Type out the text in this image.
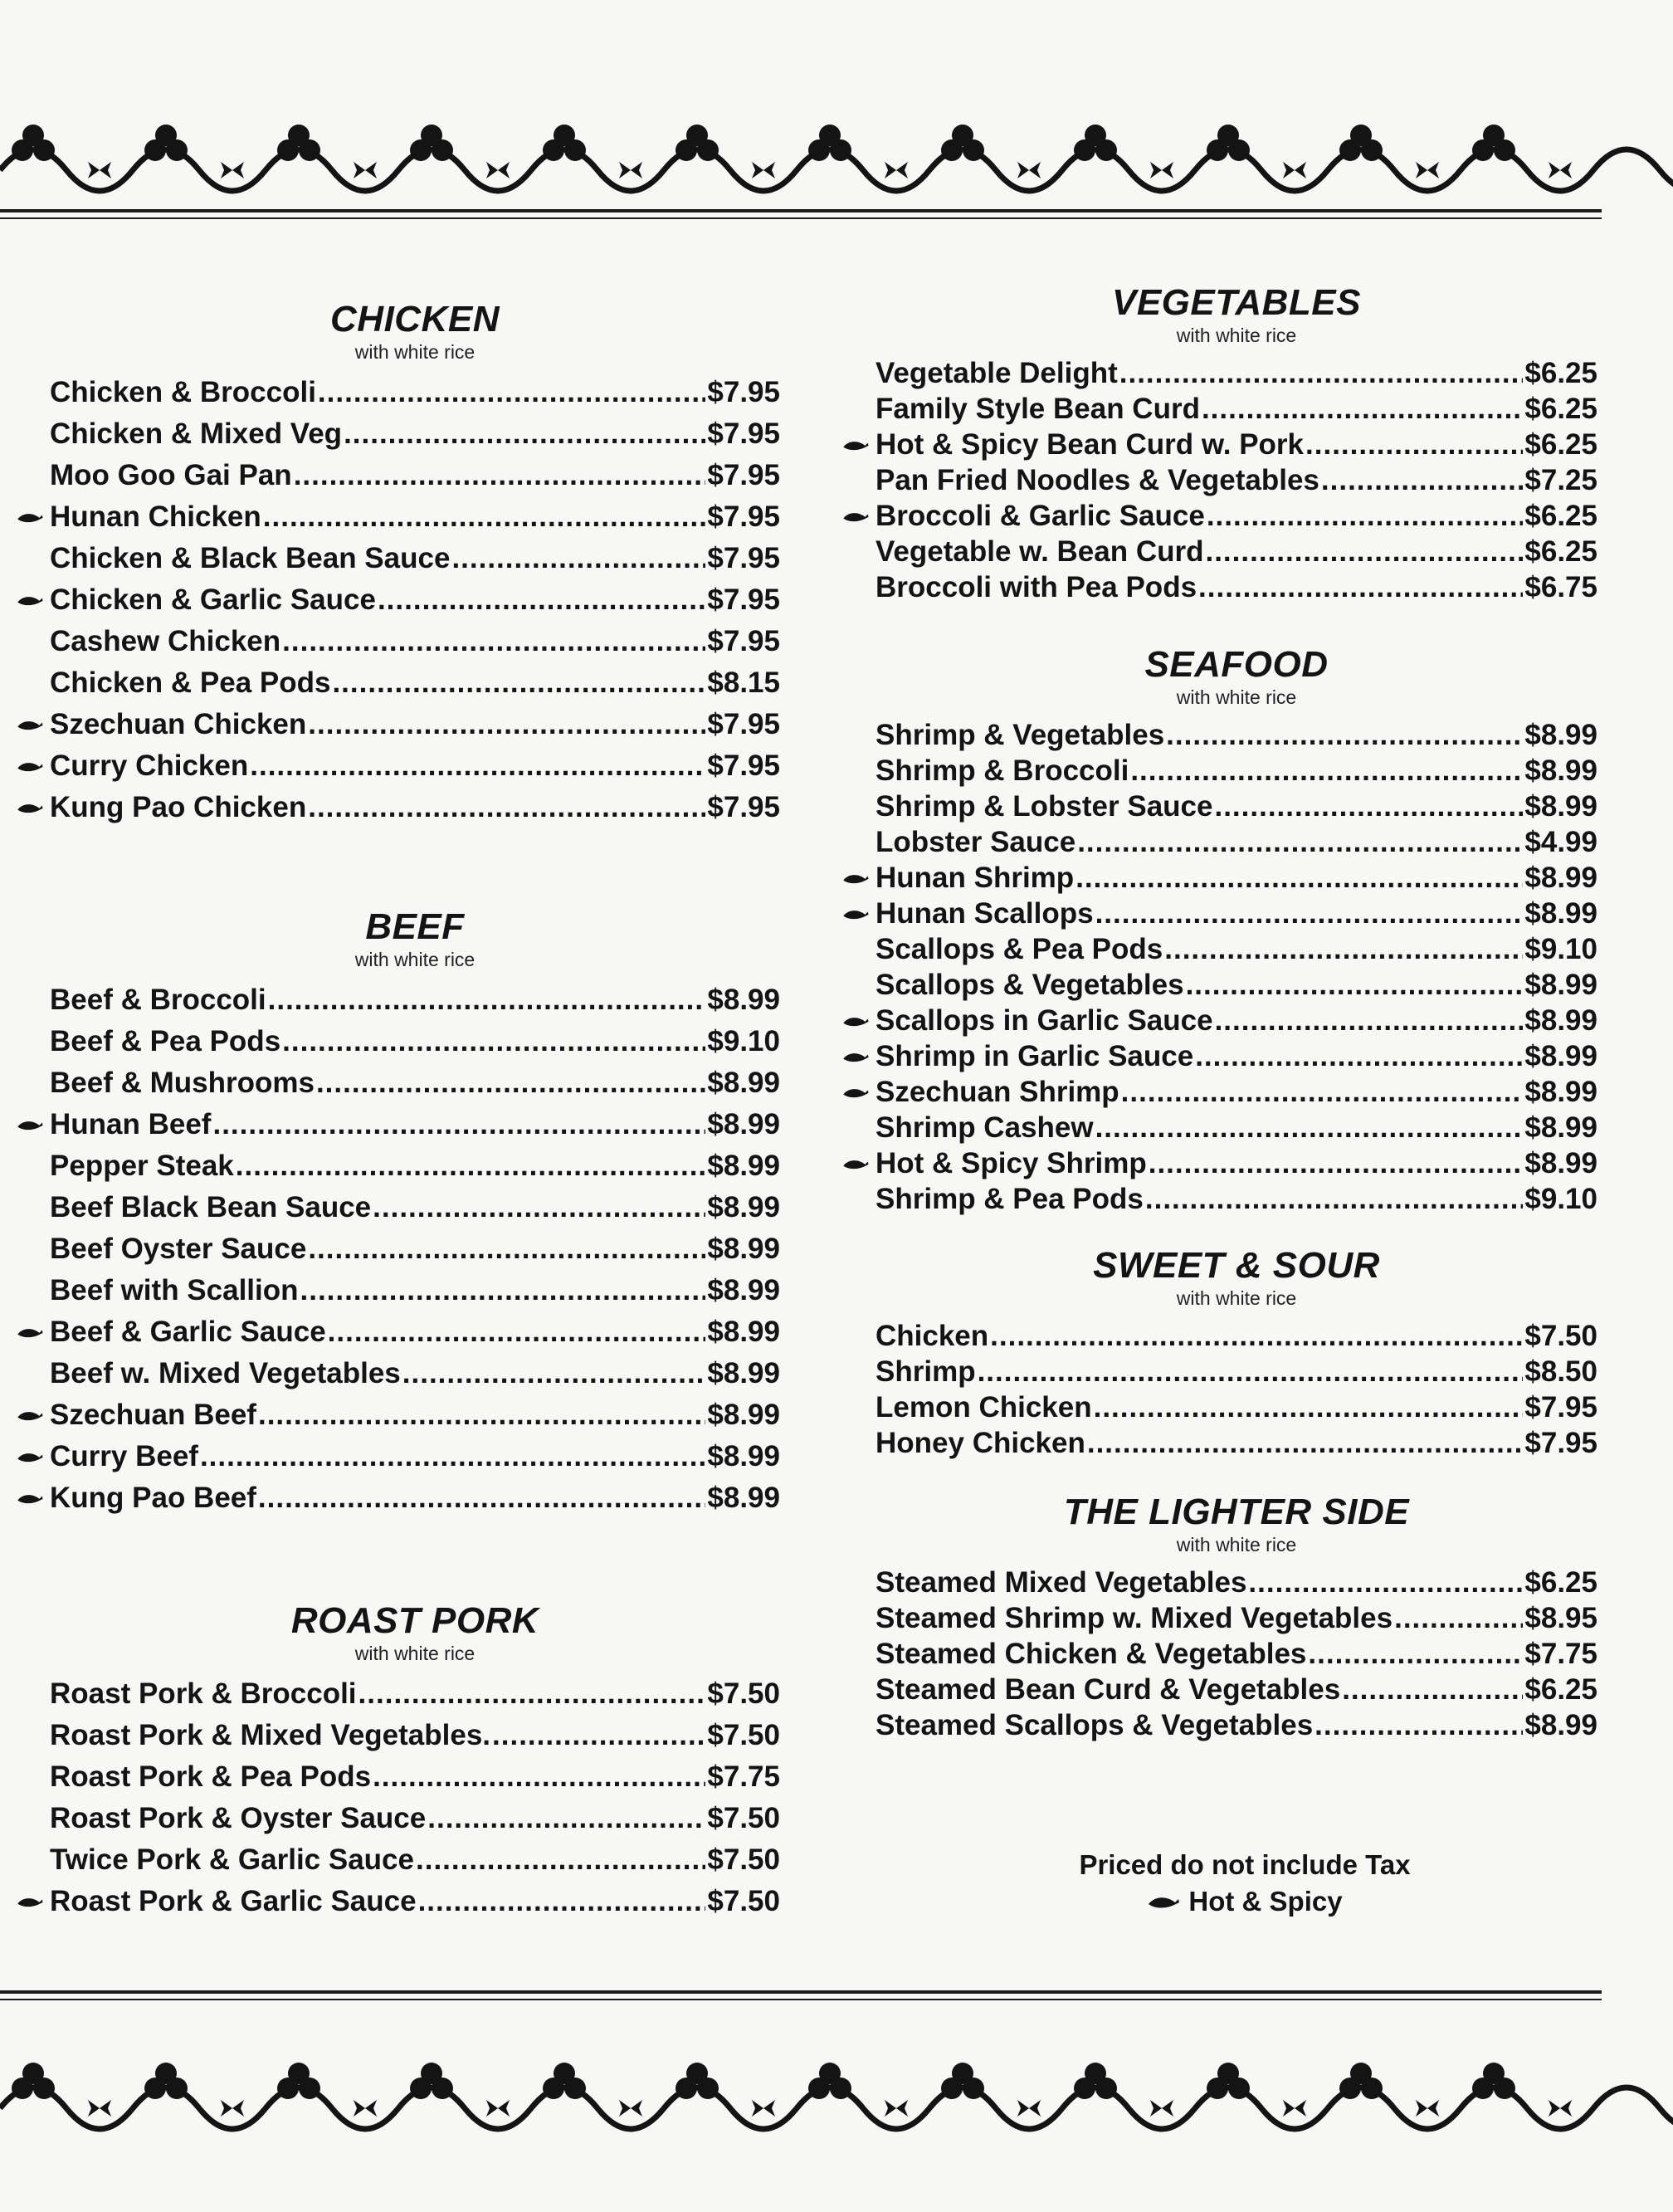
CHICKEN
with white rice
Chicken & Broccoli .....	$7.95
Chicken & Mixed Veg .....	$7.95
Moo Goo Gai Pan .....	$7.95
Hunan Chicken .....	$7.95
Chicken & Black Bean Sauce .....	$7.95
Chicken & Garlic Sauce .....	$7.95
Cashew Chicken .....	$7.95
Chicken & Pea Pods .....	$8.15
Szechuan Chicken .....	$7.95
Curry Chicken .....	$7.95
Kung Pao Chicken .....	$7.95
BEEF
with white rice
Beef & Broccoli .....	$8.99
Beef & Pea Pods .....	$9.10
Beef & Mushrooms .....	$8.99
Hunan Beef .....	$8.99
Pepper Steak .....	$8.99
Beef Black Bean Sauce .....	$8.99
Beef Oyster Sauce .....	$8.99
Beef with Scallion .....	$8.99
Beef & Garlic Sauce .....	$8.99
Beef w. Mixed Vegetables .....	$8.99
Szechuan Beef .....	$8.99
Curry Beef .....	$8.99
Kung Pao Beef .....	$8.99
ROAST PORK
with white rice
Roast Pork & Broccoli .....	$7.50
Roast Pork & Mixed Vegetables. .....	$7.50
Roast Pork & Pea Pods .....	$7.75
Roast Pork & Oyster Sauce .....	$7.50
Twice Pork & Garlic Sauce .....	$7.50
Roast Pork & Garlic Sauce .....	$7.50
VEGETABLES
with white rice
Vegetable Delight .....	$6.25
Family Style Bean Curd .....	$6.25
Hot & Spicy Bean Curd w. Pork .....	$6.25
Pan Fried Noodles & Vegetables .....	$7.25
Broccoli & Garlic Sauce .....	$6.25
Vegetable w. Bean Curd .....	$6.25
Broccoli with Pea Pods .....	$6.75
SEAFOOD
with white rice
Shrimp & Vegetables .....	$8.99
Shrimp & Broccoli .....	$8.99
Shrimp & Lobster Sauce .....	$8.99
Lobster Sauce .....	$4.99
Hunan Shrimp .....	$8.99
Hunan Scallops .....	$8.99
Scallops & Pea Pods .....	$9.10
Scallops & Vegetables .....	$8.99
Scallops in Garlic Sauce .....	$8.99
Shrimp in Garlic Sauce .....	$8.99
Szechuan Shrimp .....	$8.99
Shrimp Cashew .....	$8.99
Hot & Spicy Shrimp .....	$8.99
Shrimp & Pea Pods .....	$9.10
SWEET & SOUR
with white rice
Chicken .....	$7.50
Shrimp .....	$8.50
Lemon Chicken .....	$7.95
Honey Chicken .....	$7.95
THE LIGHTER SIDE
with white rice
Steamed Mixed Vegetables .....	$6.25
Steamed Shrimp w. Mixed Vegetables .....	$8.95
Steamed Chicken & Vegetables .....	$7.75
Steamed Bean Curd & Vegetables .....	$6.25
Steamed Scallops & Vegetables .....	$8.99
Priced do not include Tax
Hot & Spicy
